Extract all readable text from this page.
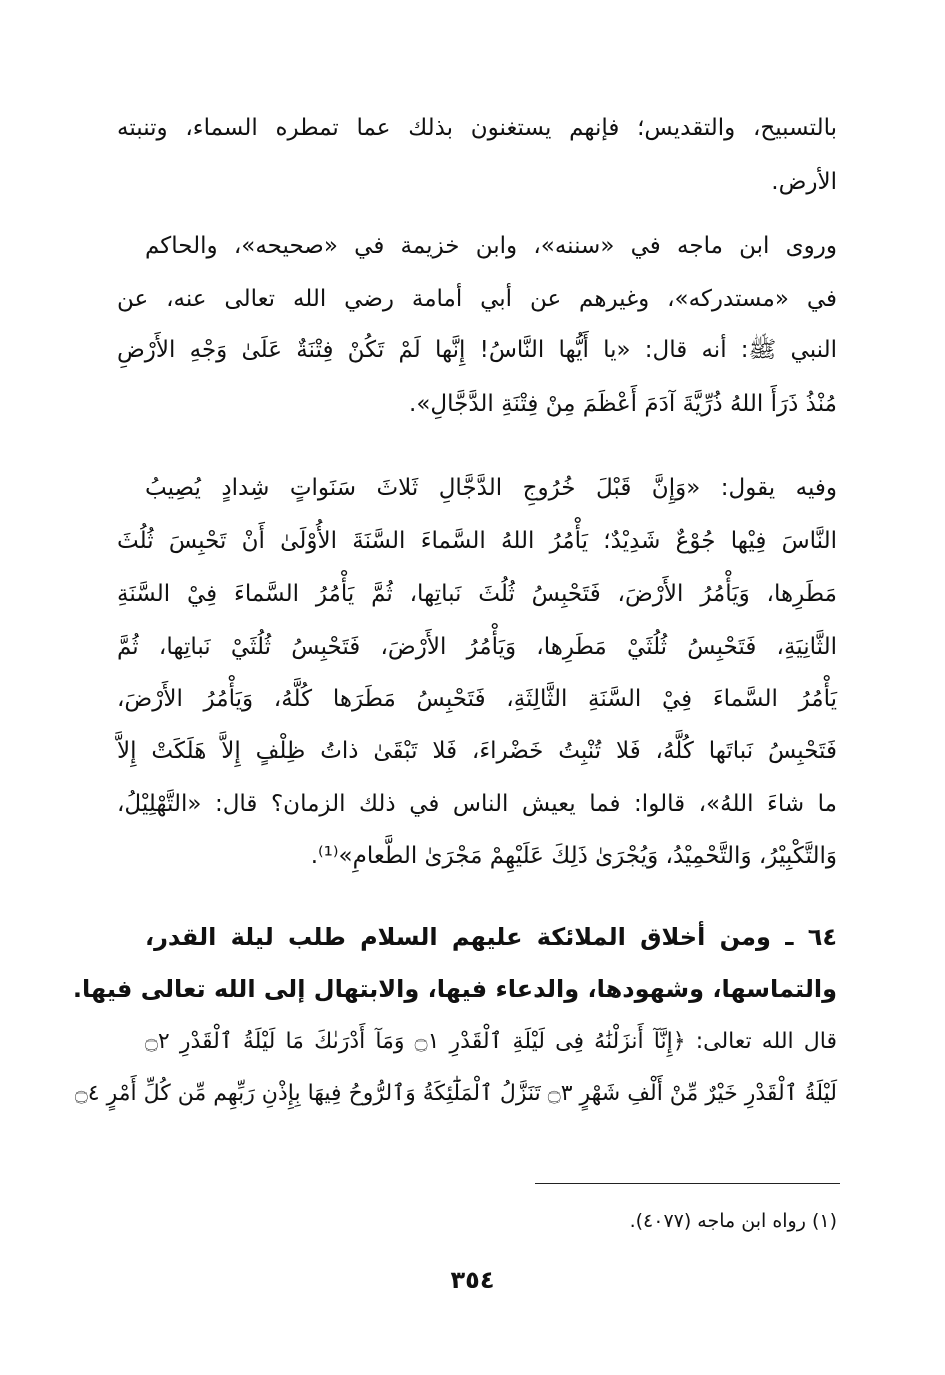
بالتسبيح، والتقديس؛ فإنهم يستغنون بذلك عما تمطره السماء، وتنبته
الأرض.
وروى ابن ماجه في «سننه»، وابن خزيمة في «صحيحه»، والحاكم
في «مستدركه»، وغيرهم عن أبي أمامة رضي الله تعالى عنه، عن
النبي ﷺ: أنه قال: «يا أَيُّها النَّاسُ! إِنَّها لَمْ تَكُنْ فِتْنَةٌ عَلَىٰ وَجْهِ الأَرْضِ
مُنْذُ ذَرَأَ اللهُ ذُرِّيَّةَ آدَمَ أَعْظَمَ مِنْ فِتْنَةِ الدَّجَّالِ».
وفيه يقول: «وَإِنَّ قَبْلَ خُرُوجِ الدَّجَّالِ ثَلاثَ سَنَواتٍ شِدادٍ يُصِيبُ
النَّاسَ فِيْها جُوْعٌ شَدِيْدٌ؛ يَأْمُرُ اللهُ السَّماءَ السَّنَةَ الأُوْلَىٰ أَنْ تَحْبِسَ ثُلُثَ
مَطَرِها، وَيَأْمُرُ الأَرْضَ، فَتَحْبِسُ ثُلُثَ نَباتِها، ثُمَّ يَأْمُرُ السَّماءَ فِيْ السَّنَةِ
الثَّانِيَةِ، فَتَحْبِسُ ثُلُثَيْ مَطَرِها، وَيَأْمُرُ الأَرْضَ، فَتَحْبِسُ ثُلُثَيْ نَباتِها، ثُمَّ
يَأْمُرُ السَّماءَ فِيْ السَّنَةِ الثَّالِثَةِ، فَتَحْبِسُ مَطَرَها كُلَّهُ، وَيَأْمُرُ الأَرْضَ،
فَتَحْبِسُ نَباتَها كُلَّهُ، فَلا تُنْبِتُ خَضْراءَ، فَلا تَبْقَىٰ ذاتُ ظِلْفٍ إِلاَّ هَلَكَتْ إِلاَّ
ما شاءَ اللهُ»، قالوا: فما يعيش الناس في ذلك الزمان؟ قال: «التَّهْلِيْلُ،
وَالتَّكْبِيْرُ، وَالتَّحْمِيْدُ، وَيُجْرَىٰ ذَلِكَ عَلَيْهِمْ مَجْرَىٰ الطَّعامِ»⁽¹⁾.
٦٤ ـ ومن أخلاق الملائكة عليهم السلام طلب ليلة القدر،
والتماسها، وشهودها، والدعاء فيها، والابتهال إلى الله تعالى فيها.
قال الله تعالى: ﴿إِنَّآ أَنزَلْنَٰهُ فِى لَيْلَةِ ٱلْقَدْرِ ۝١ وَمَآ أَدْرَىٰكَ مَا لَيْلَةُ ٱلْقَدْرِ ۝٢
لَيْلَةُ ٱلْقَدْرِ خَيْرٌ مِّنْ أَلْفِ شَهْرٍ ۝٣ تَنَزَّلُ ٱلْمَلَٰٓئِكَةُ وَٱلرُّوحُ فِيهَا بِإِذْنِ رَبِّهِم مِّن كُلِّ أَمْرٍ ۝٤
(١) رواه ابن ماجه (٤٠٧٧).
٣٥٤
